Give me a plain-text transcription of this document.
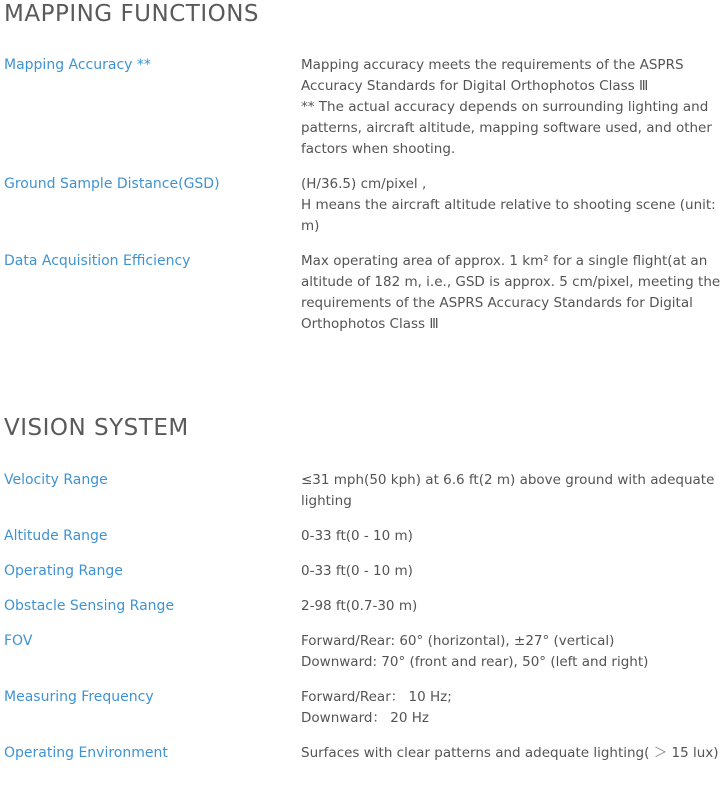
MAPPING FUNCTIONS
Mapping Accuracy **	Mapping accuracy meets the requirements of the ASPRS
Accuracy Standards for Digital Orthophotos Class Ⅲ
** The actual accuracy depends on surrounding lighting and
patterns, aircraft altitude, mapping software used, and other
factors when shooting.
Ground Sample Distance(GSD)	(H/36.5) cm/pixel ,
H means the aircraft altitude relative to shooting scene (unit:
m)
Data Acquisition Efficiency	Max operating area of approx. 1 km² for a single flight(at an
altitude of 182 m, i.e., GSD is approx. 5 cm/pixel, meeting the
requirements of the ASPRS Accuracy Standards for Digital
Orthophotos Class Ⅲ
VISION SYSTEM
Velocity Range	≤31 mph(50 kph) at 6.6 ft(2 m) above ground with adequate
lighting
Altitude Range	0-33 ft(0 - 10 m)
Operating Range	0-33 ft(0 - 10 m)
Obstacle Sensing Range	2-98 ft(0.7-30 m)
FOV	Forward/Rear: 60° (horizontal), ±27° (vertical)
Downward: 70° (front and rear), 50° (left and right)
Measuring Frequency	Forward/Rear： 10 Hz;
Downward： 20 Hz
Operating Environment	Surfaces with clear patterns and adequate lighting( ＞ 15 lux)
